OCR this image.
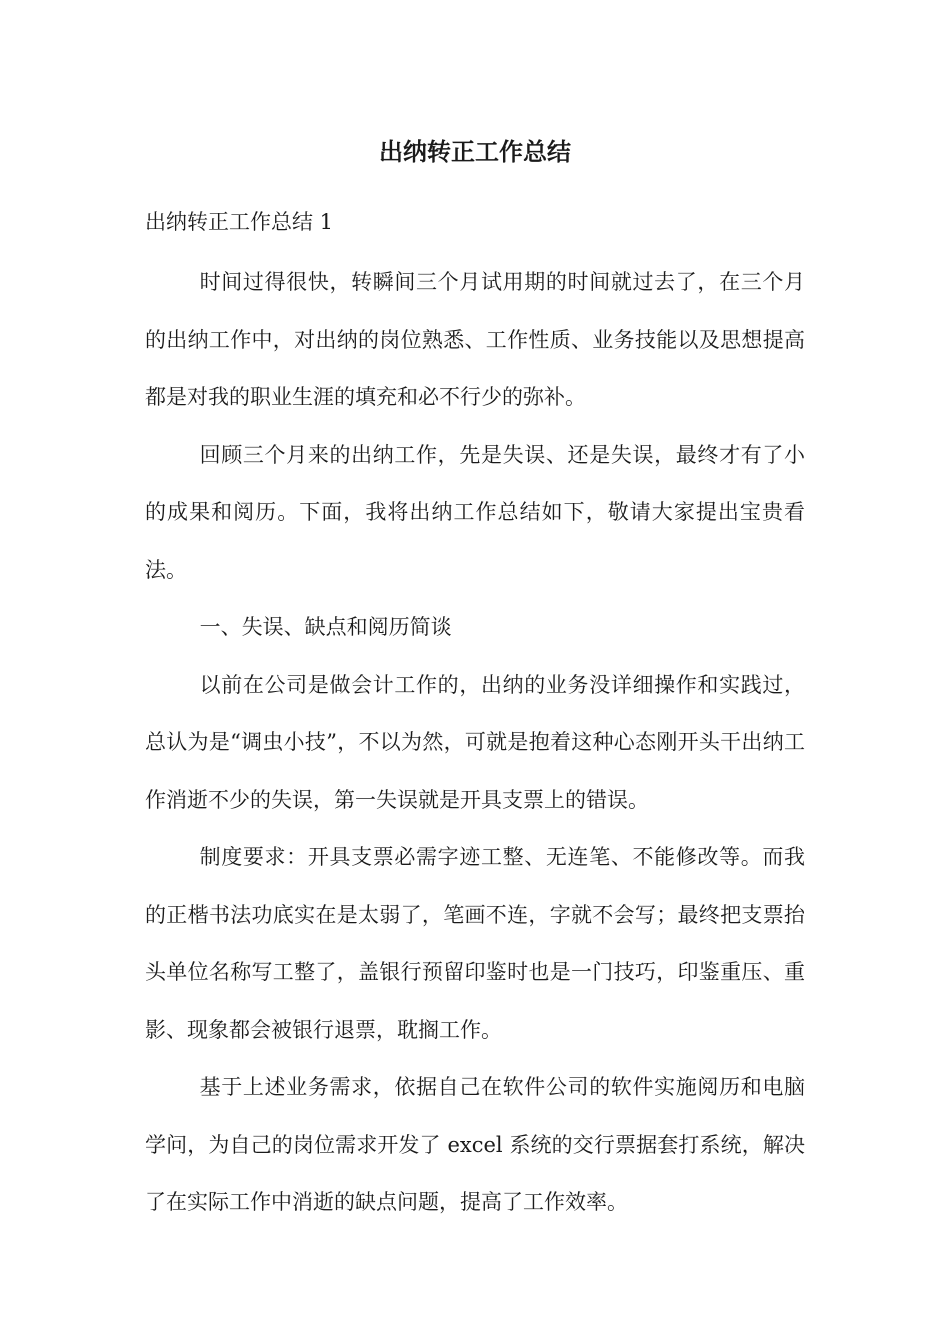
出纳转正工作总结

出纳转正工作总结 1

时间过得很快，转瞬间三个月试用期的时间就过去了，在三个月的出纳工作中，对出纳的岗位熟悉、工作性质、业务技能以及思想提高都是对我的职业生涯的填充和必不行少的弥补。

回顾三个月来的出纳工作，先是失误、还是失误，最终才有了小的成果和阅历。下面，我将出纳工作总结如下，敬请大家提出宝贵看法。

一、失误、缺点和阅历简谈

以前在公司是做会计工作的，出纳的业务没详细操作和实践过，总认为是“调虫小技”，不以为然，可就是抱着这种心态刚开头干出纳工作消逝不少的失误，第一失误就是开具支票上的错误。

制度要求：开具支票必需字迹工整、无连笔、不能修改等。而我的正楷书法功底实在是太弱了，笔画不连，字就不会写；最终把支票抬头单位名称写工整了，盖银行预留印鉴时也是一门技巧，印鉴重压、重影、现象都会被银行退票，耽搁工作。

基于上述业务需求，依据自己在软件公司的软件实施阅历和电脑学问，为自己的岗位需求开发了 excel 系统的交行票据套打系统，解决了在实际工作中消逝的缺点问题，提高了工作效率。
